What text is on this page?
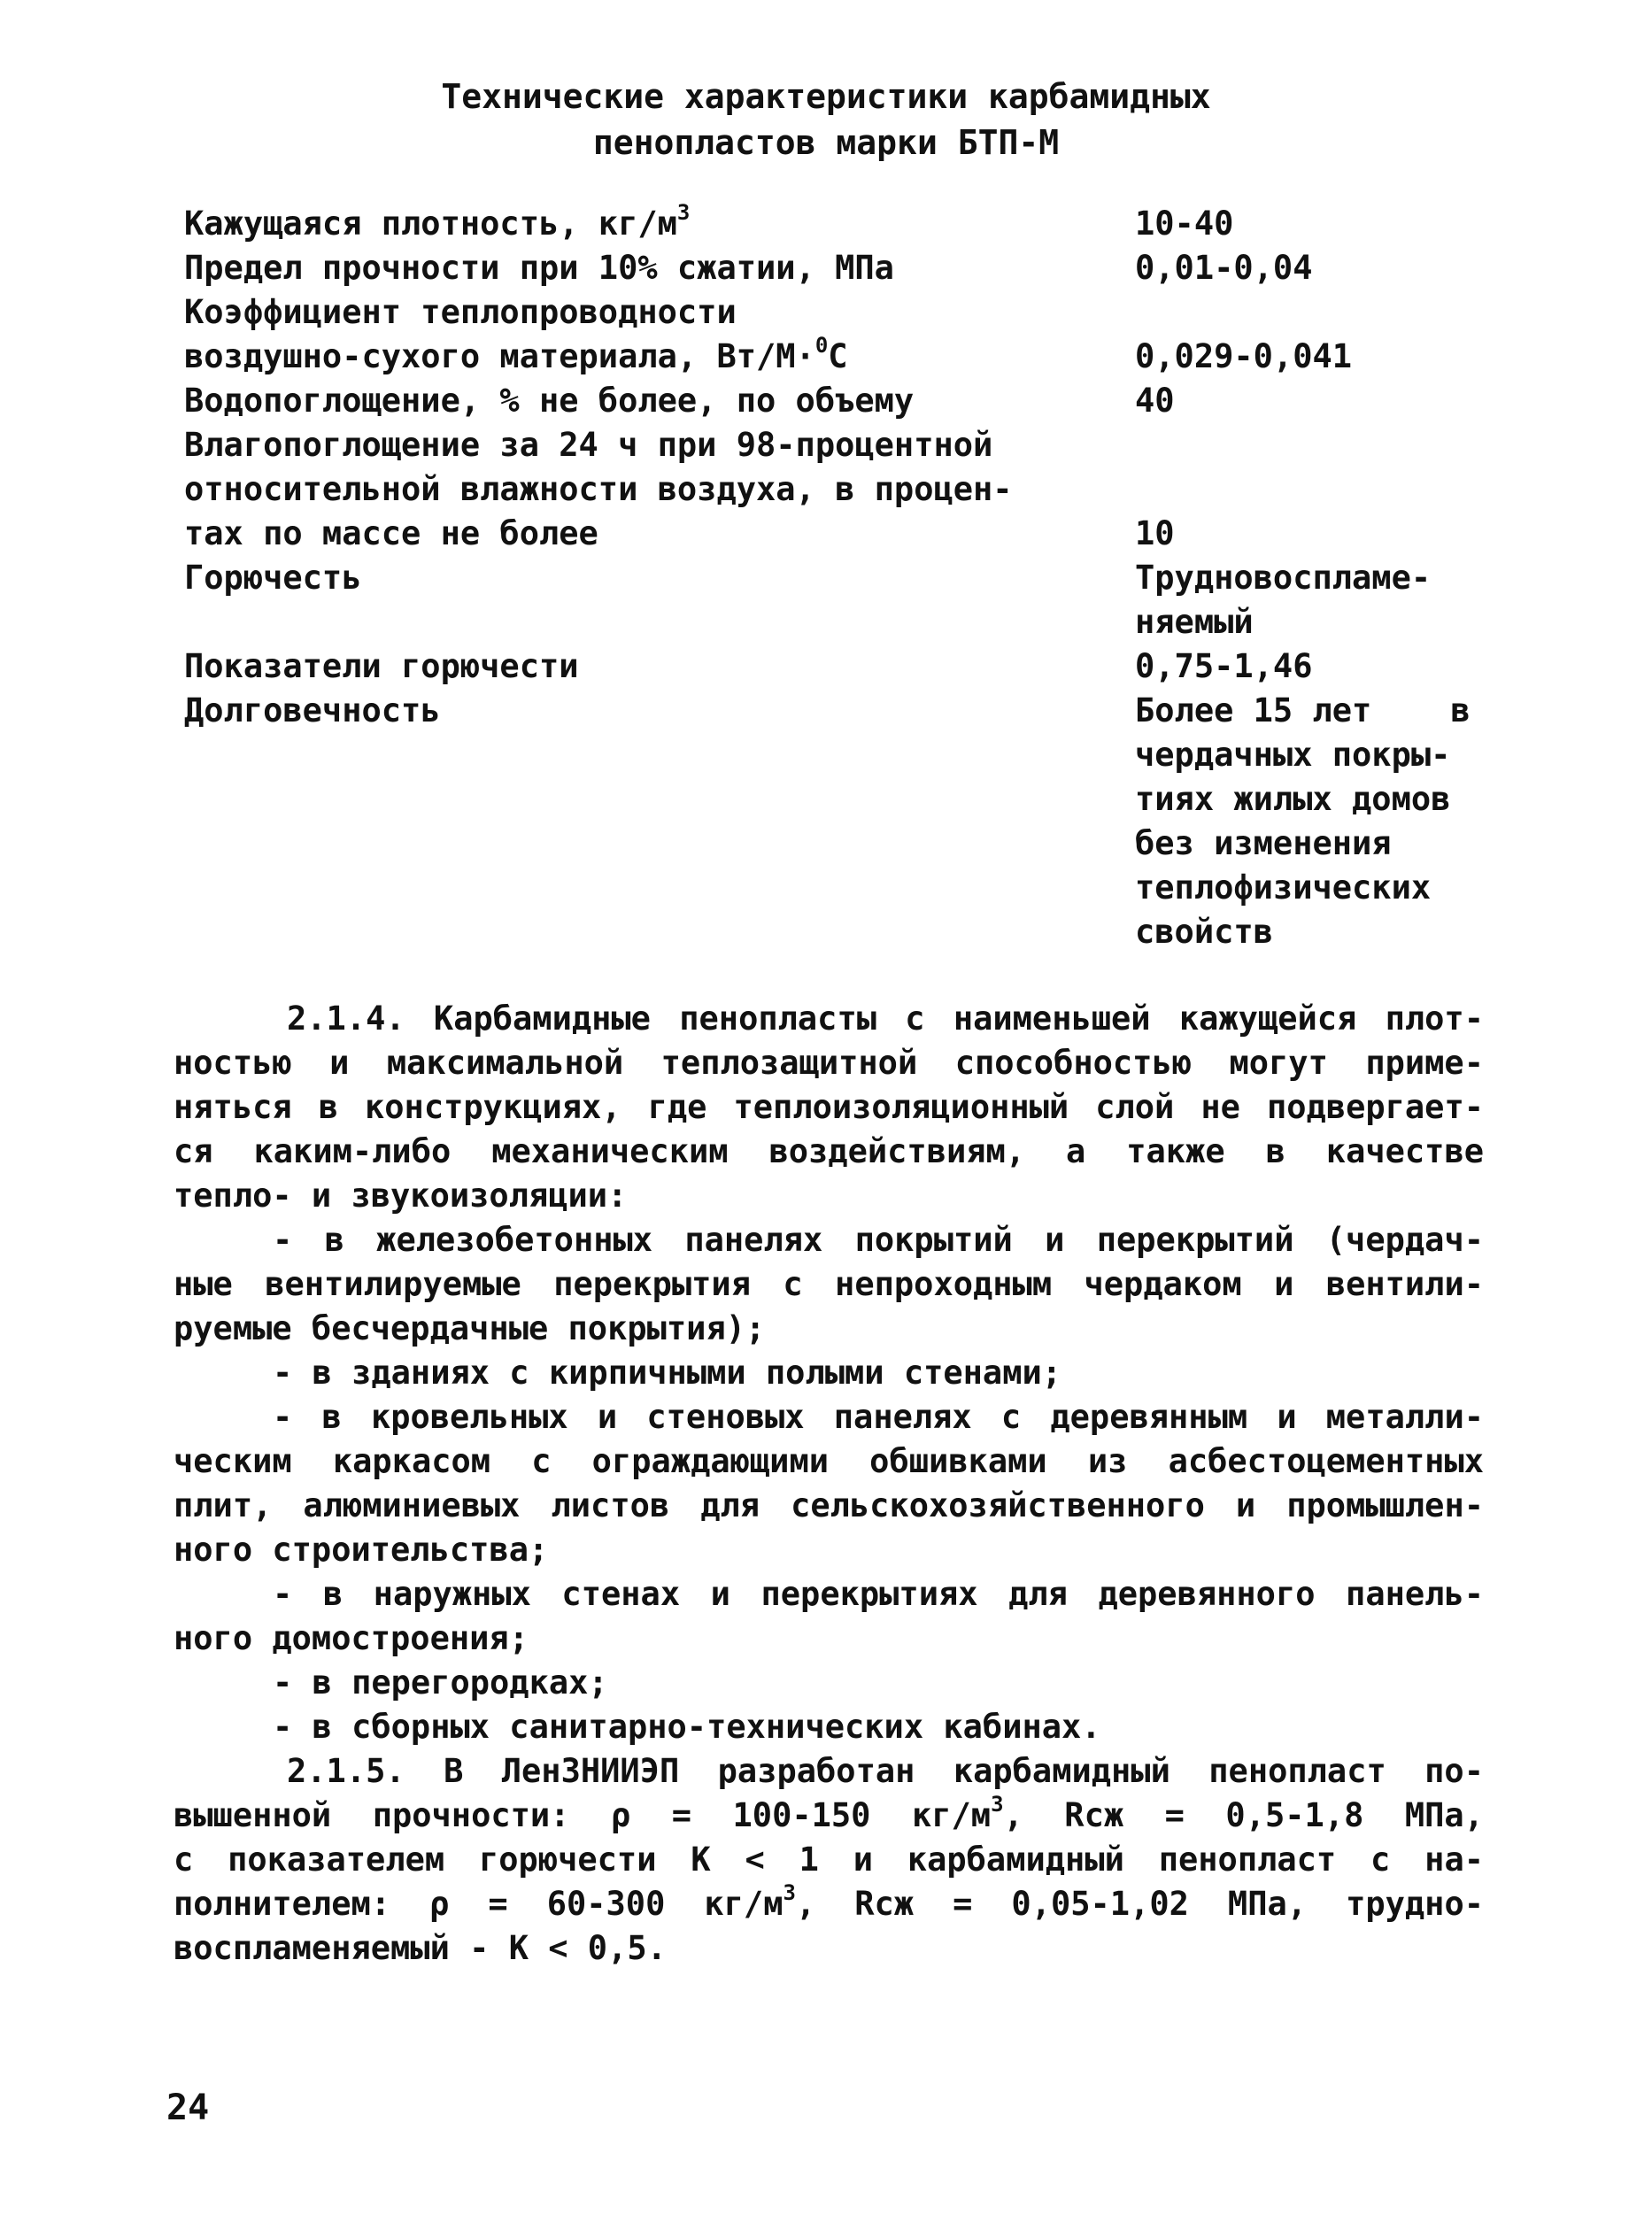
Технические характеристики карбамидных
пенопластов марки БТП-М
Кажущаяся плотность, $кг/м^3$	10-40
Предел прочности при 10% сжатии, МПа	0,01-0,04
Коэффициент теплопроводности
воздушно-сухого материала, Вт/М·$^0$C	0,029-0,041
Водопоглощение, % не более, по объему	40
Влагопоглощение за 24 ч при 98-процентной
относительной влажности воздуха, в процен-
тах по массе не более	10
Горючесть	Трудновоспламе-
няемый
Показатели горючести	0,75-1,46
Долговечность	Более 15 лет    в
чердачных покры-
тиях жилых домов
без изменения
теплофизических
свойств
2.1.4. Карбамидные пенопласты с наименьшей кажущейся плот-
ностью и максимальной теплозащитной способностью могут приме-
няться в конструкциях, где теплоизоляционный слой не подвергает-
ся каким-либо механическим воздействиям, а также в качестве
тепло- и звукоизоляции:
- в железобетонных панелях покрытий и перекрытий (чердач-
ные вентилируемые перекрытия с непроходным чердаком и вентили-
руемые бесчердачные покрытия);
- в зданиях с кирпичными полыми стенами;
- в кровельных и стеновых панелях с деревянным и металли-
ческим каркасом с ограждающими обшивками из асбестоцементных
плит, алюминиевых листов для сельскохозяйственного и промышлен-
ного строительства;
- в наружных стенах и перекрытиях для деревянного панель-
ного домостроения;
- в перегородках;
- в сборных санитарно-технических кабинах.
2.1.5. В ЛенЗНИИЭП разработан карбамидный пенопласт по-
вышенной прочности: ρ = 100-150 $кг/м^3$, Rсж = 0,5-1,8 МПа,
с показателем горючести К < 1 и карбамидный пенопласт с на-
полнителем: ρ = 60-300 $кг/м^3$, Rсж = 0,05-1,02 МПа, трудно-
воспламеняемый - К < 0,5.
24
